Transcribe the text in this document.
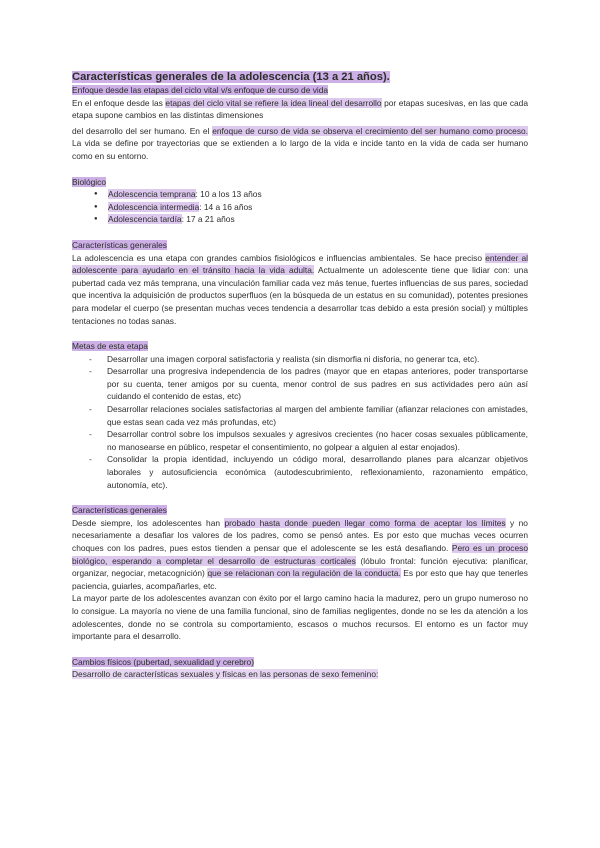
Características generales de la adolescencia (13 a 21 años).
Enfoque desde las etapas del ciclo vital v/s enfoque de curso de vida

En el enfoque desde las etapas del ciclo vital se refiere la idea lineal del desarrollo por etapas sucesivas, en las que cada etapa supone cambios en las distintas dimensiones

del desarrollo del ser humano. En el enfoque de curso de vida se observa el crecimiento del ser humano como proceso. La vida se define por trayectorias que se extienden a lo largo de la vida e incide tanto en la vida de cada ser humano como en su entorno.

Biológico
● Adolescencia temprana: 10 a los 13 años
● Adolescencia intermedia: 14 a 16 años
● Adolescencia tardía: 17 a 21 años
Características generales

La adolescencia es una etapa con grandes cambios fisiológicos e influencias ambientales. Se hace preciso entender al adolescente para ayudarlo en el tránsito hacia la vida adulta. Actualmente un adolescente tiene que lidiar con: una pubertad cada vez más temprana, una vinculación familiar cada vez más tenue, fuertes influencias de sus pares, sociedad que incentiva la adquisición de productos superfluos (en la búsqueda de un estatus en su comunidad), potentes presiones para modelar el cuerpo (se presentan muchas veces tendencia a desarrollar tcas debido a esta presión social) y múltiples tentaciones no todas sanas.

Metas de esta etapa
- Desarrollar una imagen corporal satisfactoria y realista (sin dismorfia ni disforia, no generar tca, etc).
- Desarrollar una progresiva independencia de los padres (mayor que en etapas anteriores, poder transportarse por su cuenta, tener amigos por su cuenta, menor control de sus padres en sus actividades pero aún así cuidando el contenido de estas, etc)
- Desarrollar relaciones sociales satisfactorias al margen del ambiente familiar (afianzar relaciones con amistades, que estas sean cada vez más profundas, etc)
- Desarrollar control sobre los impulsos sexuales y agresivos crecientes (no hacer cosas sexuales públicamente, no manosearse en público, respetar el consentimiento, no golpear a alguien al estar enojados).
- Consolidar la propia identidad, incluyendo un código moral, desarrollando planes para alcanzar objetivos laborales y autosuficiencia económica (autodescubrimiento, reflexionamiento, razonamiento empático, autonomía, etc).
Características generales

Desde siempre, los adolescentes han probado hasta donde pueden llegar como forma de aceptar los límites y no necesariamente a desafiar los valores de los padres, como se pensó antes. Es por esto que muchas veces ocurren choques con los padres, pues estos tienden a pensar que el adolescente se les está desafiando. Pero es un proceso biológico, esperando a completar el desarrollo de estructuras corticales (lóbulo frontal: función ejecutiva: planificar, organizar, negociar, metacognición) que se relacionan con la regulación de la conducta. Es por esto que hay que tenerles paciencia, guiarles, acompañarles, etc.

La mayor parte de los adolescentes avanzan con éxito por el largo camino hacia la madurez, pero un grupo numeroso no lo consigue. La mayoría no viene de una familia funcional, sino de familias negligentes, donde no se les da atención a los adolescentes, donde no se controla su comportamiento, escasos o muchos recursos. El entorno es un factor muy importante para el desarrollo.

Cambios físicos (pubertad, sexualidad y cerebro)
Desarrollo de características sexuales y físicas en las personas de sexo femenino:
